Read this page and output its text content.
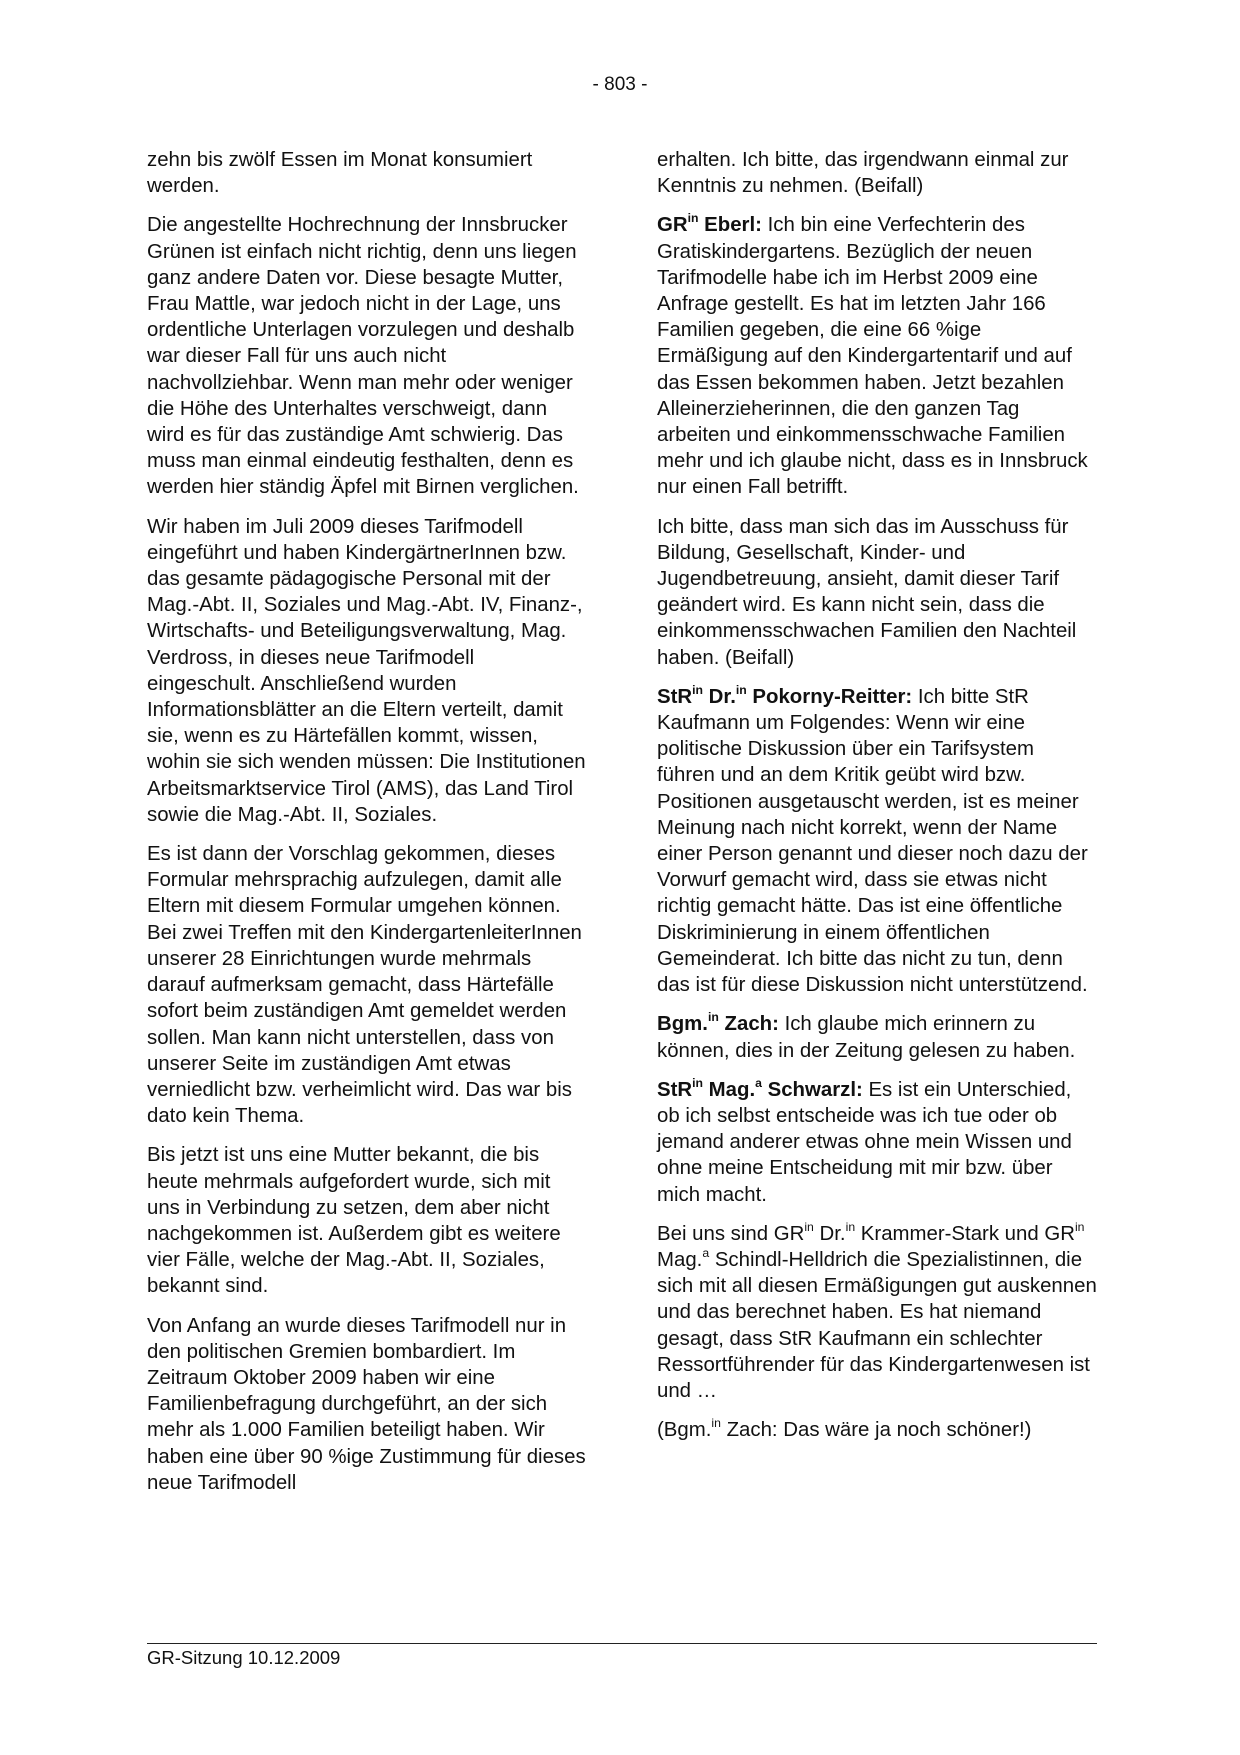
- 803 -

zehn bis zwölf Essen im Monat konsumiert werden.

Die angestellte Hochrechnung der Innsbrucker Grünen ist einfach nicht richtig, denn uns liegen ganz andere Daten vor. Diese besagte Mutter, Frau Mattle, war jedoch nicht in der Lage, uns ordentliche Unterlagen vorzulegen und deshalb war dieser Fall für uns auch nicht nachvollziehbar. Wenn man mehr oder weniger die Höhe des Unterhaltes verschweigt, dann wird es für das zuständige Amt schwierig. Das muss man einmal eindeutig festhalten, denn es werden hier ständig Äpfel mit Birnen verglichen.

Wir haben im Juli 2009 dieses Tarifmodell eingeführt und haben KindergärtnerInnen bzw. das gesamte pädagogische Personal mit der Mag.-Abt. II, Soziales und Mag.-Abt. IV, Finanz-, Wirtschafts- und Beteiligungsverwaltung, Mag. Verdross, in dieses neue Tarifmodell eingeschult. Anschließend wurden Informationsblätter an die Eltern verteilt, damit sie, wenn es zu Härtefällen kommt, wissen, wohin sie sich wenden müssen: Die Institutionen Arbeitsmarktservice Tirol (AMS), das Land Tirol sowie die Mag.-Abt. II, Soziales.

Es ist dann der Vorschlag gekommen, dieses Formular mehrsprachig aufzulegen, damit alle Eltern mit diesem Formular umgehen können. Bei zwei Treffen mit den KindergartenleiterInnen unserer 28 Einrichtungen wurde mehrmals darauf aufmerksam gemacht, dass Härtefälle sofort beim zuständigen Amt gemeldet werden sollen. Man kann nicht unterstellen, dass von unserer Seite im zuständigen Amt etwas verniedlicht bzw. verheimlicht wird. Das war bis dato kein Thema.

Bis jetzt ist uns eine Mutter bekannt, die bis heute mehrmals aufgefordert wurde, sich mit uns in Verbindung zu setzen, dem aber nicht nachgekommen ist. Außerdem gibt es weitere vier Fälle, welche der Mag.-Abt. II, Soziales, bekannt sind.

Von Anfang an wurde dieses Tarifmodell nur in den politischen Gremien bombardiert. Im Zeitraum Oktober 2009 haben wir eine Familienbefragung durchgeführt, an der sich mehr als 1.000 Familien beteiligt haben. Wir haben eine über 90 %ige Zustimmung für dieses neue Tarifmodell

erhalten. Ich bitte, das irgendwann einmal zur Kenntnis zu nehmen. (Beifall)

$GR^{in}$ Eberl: Ich bin eine Verfechterin des Gratiskindergartens. Bezüglich der neuen Tarifmodelle habe ich im Herbst 2009 eine Anfrage gestellt. Es hat im letzten Jahr 166 Familien gegeben, die eine 66 %ige Ermäßigung auf den Kindergartentarif und auf das Essen bekommen haben. Jetzt bezahlen Alleinerzieherinnen, die den ganzen Tag arbeiten und einkommensschwache Familien mehr und ich glaube nicht, dass es in Innsbruck nur einen Fall betrifft.

Ich bitte, dass man sich das im Ausschuss für Bildung, Gesellschaft, Kinder- und Jugendbetreuung, ansieht, damit dieser Tarif geändert wird. Es kann nicht sein, dass die einkommensschwachen Familien den Nachteil haben. (Beifall)

StR$^{in}$ Dr.$^{in}$ Pokorny-Reitter: Ich bitte StR Kaufmann um Folgendes: Wenn wir eine politische Diskussion über ein Tarifsystem führen und an dem Kritik geübt wird bzw. Positionen ausgetauscht werden, ist es meiner Meinung nach nicht korrekt, wenn der Name einer Person genannt und dieser noch dazu der Vorwurf gemacht wird, dass sie etwas nicht richtig gemacht hätte. Das ist eine öffentliche Diskriminierung in einem öffentlichen Gemeinderat. Ich bitte das nicht zu tun, denn das ist für diese Diskussion nicht unterstützend.

Bgm.$^{in}$ Zach: Ich glaube mich erinnern zu können, dies in der Zeitung gelesen zu haben.

StR$^{in}$ Mag.$^a$ Schwarzl: Es ist ein Unterschied, ob ich selbst entscheide was ich tue oder ob jemand anderer etwas ohne mein Wissen und ohne meine Entscheidung mit mir bzw. über mich macht.

Bei uns sind $GR^{in}$ Dr.$^{in}$ Krammer-Stark und $GR^{in}$ Mag.$^a$ Schindl-Helldrich die Spezialistinnen, die sich mit all diesen Ermäßigungen gut auskennen und das berechnet haben. Es hat niemand gesagt, dass StR Kaufmann ein schlechter Ressortführender für das Kindergartenwesen ist und …

(Bgm.$^{in}$ Zach: Das wäre ja noch schöner!)

GR-Sitzung 10.12.2009
